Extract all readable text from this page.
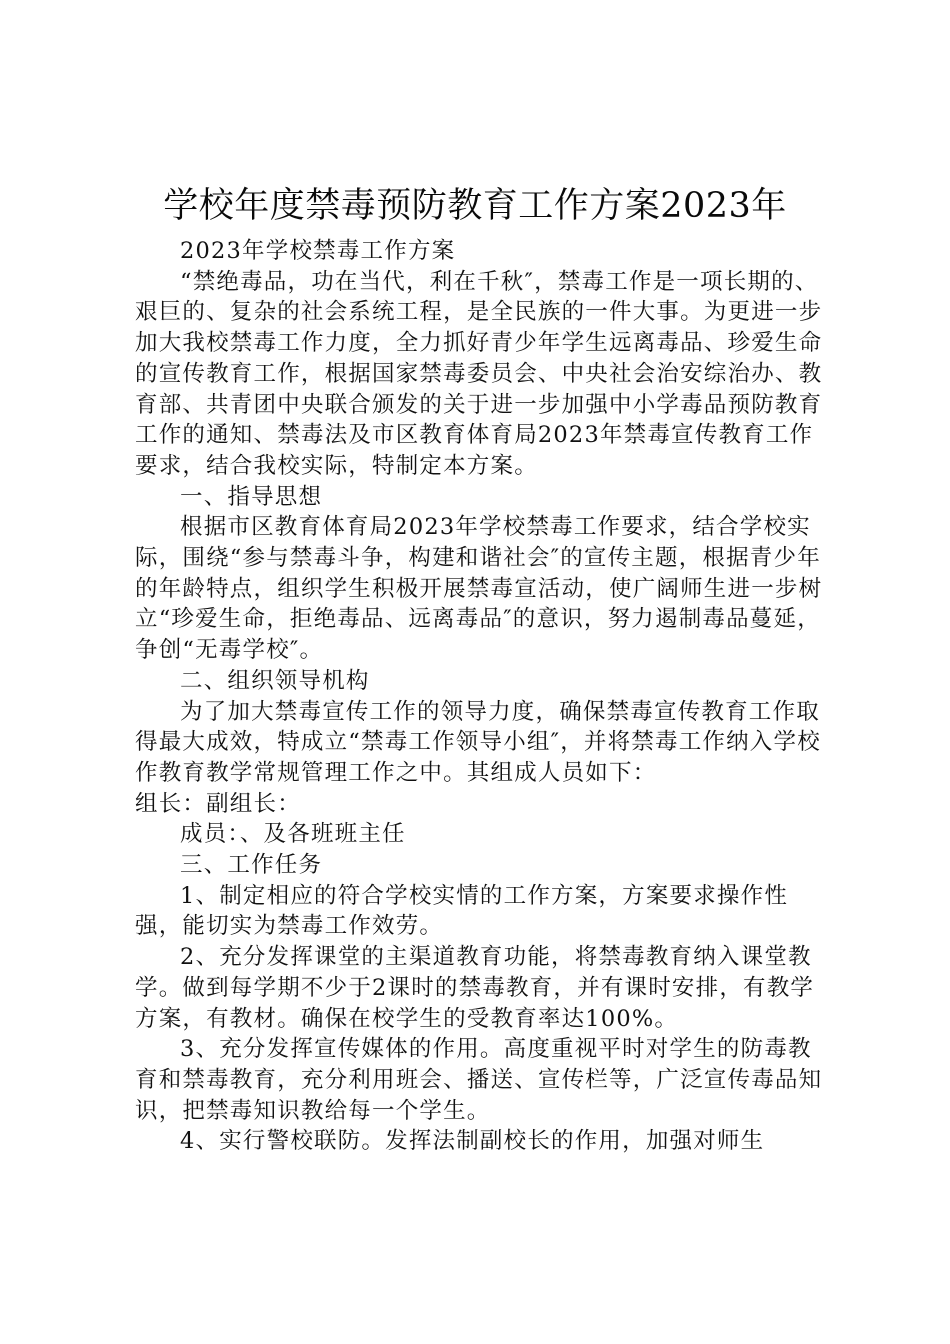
学校年度禁毒预防教育工作方案2023年

2023年学校禁毒工作方案

“禁绝毒品，功在当代，利在千秋″，禁毒工作是一项长期的、艰巨的、复杂的社会系统工程，是全民族的一件大事。为更进一步加大我校禁毒工作力度，全力抓好青少年学生远离毒品、珍爱生命的宣传教育工作，根据国家禁毒委员会、中央社会治安综治办、教育部、共青团中央联合颁发的关于进一步加强中小学毒品预防教育工作的通知、禁毒法及市区教育体育局2023年禁毒宣传教育工作要求，结合我校实际，特制定本方案。

一、指导思想

根据市区教育体育局2023年学校禁毒工作要求，结合学校实际，围绕“参与禁毒斗争，构建和谐社会″的宣传主题，根据青少年的年龄特点，组织学生积极开展禁毒宣活动，使广阔师生进一步树立“珍爱生命，拒绝毒品、远离毒品″的意识，努力遏制毒品蔓延，争创“无毒学校″。

二、组织领导机构

为了加大禁毒宣传工作的领导力度，确保禁毒宣传教育工作取得最大成效，特成立“禁毒工作领导小组″，并将禁毒工作纳入学校作教育教学常规管理工作之中。其组成人员如下：

组长：副组长：

成员：、及各班班主任

三、工作任务

1、制定相应的符合学校实情的工作方案，方案要求操作性强，能切实为禁毒工作效劳。

2、充分发挥课堂的主渠道教育功能，将禁毒教育纳入课堂教学。做到每学期不少于2课时的禁毒教育，并有课时安排，有教学方案，有教材。确保在校学生的受教育率达100%。

3、充分发挥宣传媒体的作用。高度重视平时对学生的防毒教育和禁毒教育，充分利用班会、播送、宣传栏等，广泛宣传毒品知识，把禁毒知识教给每一个学生。

4、实行警校联防。发挥法制副校长的作用，加强对师生
